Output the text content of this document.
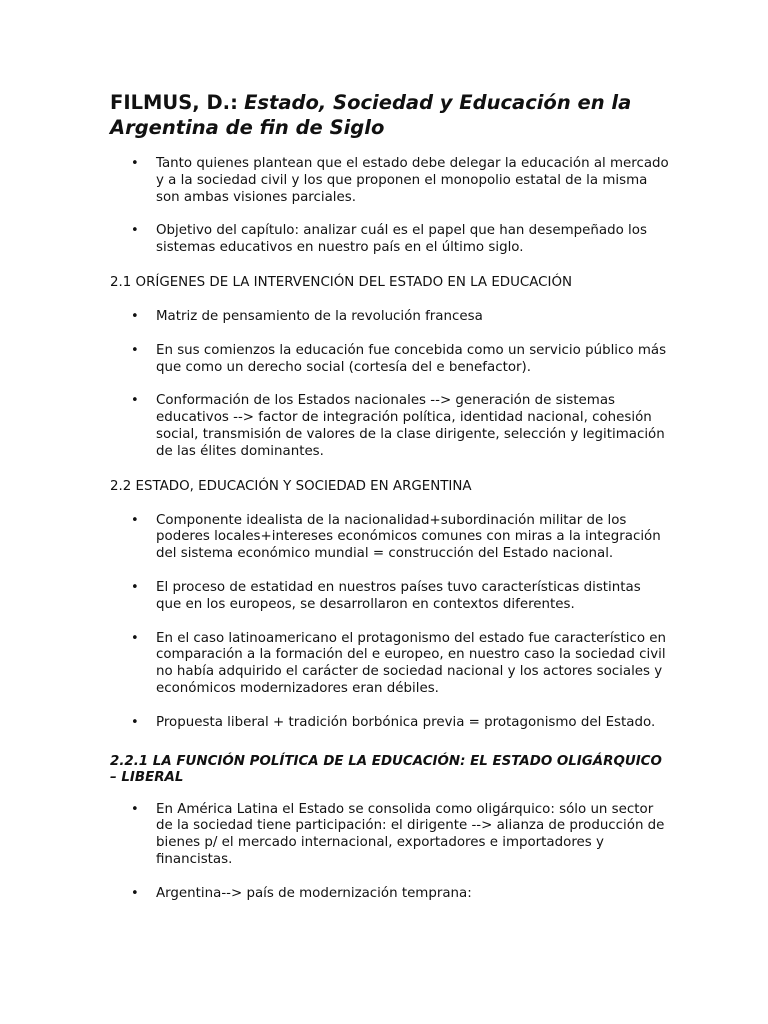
FILMUS, D.: Estado, Sociedad y Educación en la Argentina de fin de Siglo
• Tanto quienes plantean que el estado debe delegar la educación al mercado y a la sociedad civil y los que proponen el monopolio estatal de la misma son ambas visiones parciales.
• Objetivo del capítulo: analizar cuál es el papel que han desempeñado los sistemas educativos en nuestro país en el último siglo.
2.1 ORÍGENES DE LA INTERVENCIÓN DEL ESTADO EN LA EDUCACIÓN
• Matriz de pensamiento de la revolución francesa
• En sus comienzos la educación fue concebida como un servicio público más que como un derecho social (cortesía del e benefactor).
• Conformación de los Estados nacionales --> generación de sistemas educativos --> factor de integración política, identidad nacional, cohesión social, transmisión de valores de la clase dirigente, selección y legitimación de las élites dominantes.
2.2 ESTADO, EDUCACIÓN Y SOCIEDAD EN ARGENTINA
• Componente idealista de la nacionalidad+subordinación militar de los poderes locales+intereses económicos comunes con miras a la integración del sistema económico mundial = construcción del Estado nacional.
• El proceso de estatidad en nuestros países tuvo características distintas que en los europeos, se desarrollaron en contextos diferentes.
• En el caso latinoamericano el protagonismo del estado fue característico en comparación a la formación del e europeo, en nuestro caso la sociedad civil no había adquirido el carácter de sociedad nacional y los actores sociales y económicos modernizadores eran débiles.
• Propuesta liberal + tradición borbónica previa = protagonismo del Estado.
2.2.1 LA FUNCIÓN POLÍTICA DE LA EDUCACIÓN: EL ESTADO OLIGÁRQUICO – LIBERAL
• En América Latina el Estado se consolida como oligárquico: sólo un sector de la sociedad tiene participación: el dirigente --> alianza de producción de bienes p/ el mercado internacional, exportadores e importadores y financistas.
• Argentina--> país de modernización temprana:
